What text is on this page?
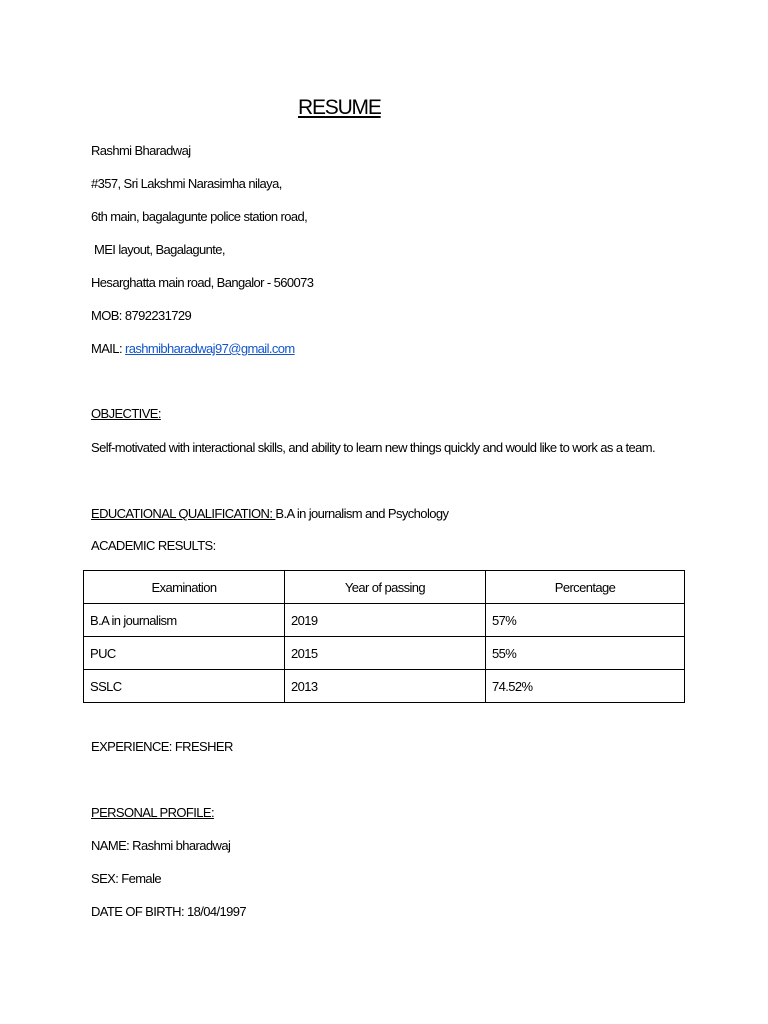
RESUME
Rashmi Bharadwaj
#357, Sri Lakshmi Narasimha nilaya,
6th main, bagalagunte police station road,
MEI layout, Bagalagunte,
Hesarghatta main road, Bangalor - 560073
MOB: 8792231729
MAIL: rashmibharadwaj97@gmail.com
OBJECTIVE:
Self-motivated with interactional skills, and ability to learn new things quickly and would like to work as a team.
EDUCATIONAL QUALIFICATION: B.A in journalism and Psychology
ACADEMIC RESULTS:
Examination	Year of passing	Percentage
B.A in journalism	2019	57%
PUC	2015	55%
SSLC	2013	74.52%
EXPERIENCE: FRESHER
PERSONAL PROFILE:
NAME: Rashmi bharadwaj
SEX: Female
DATE OF BIRTH: 18/04/1997
